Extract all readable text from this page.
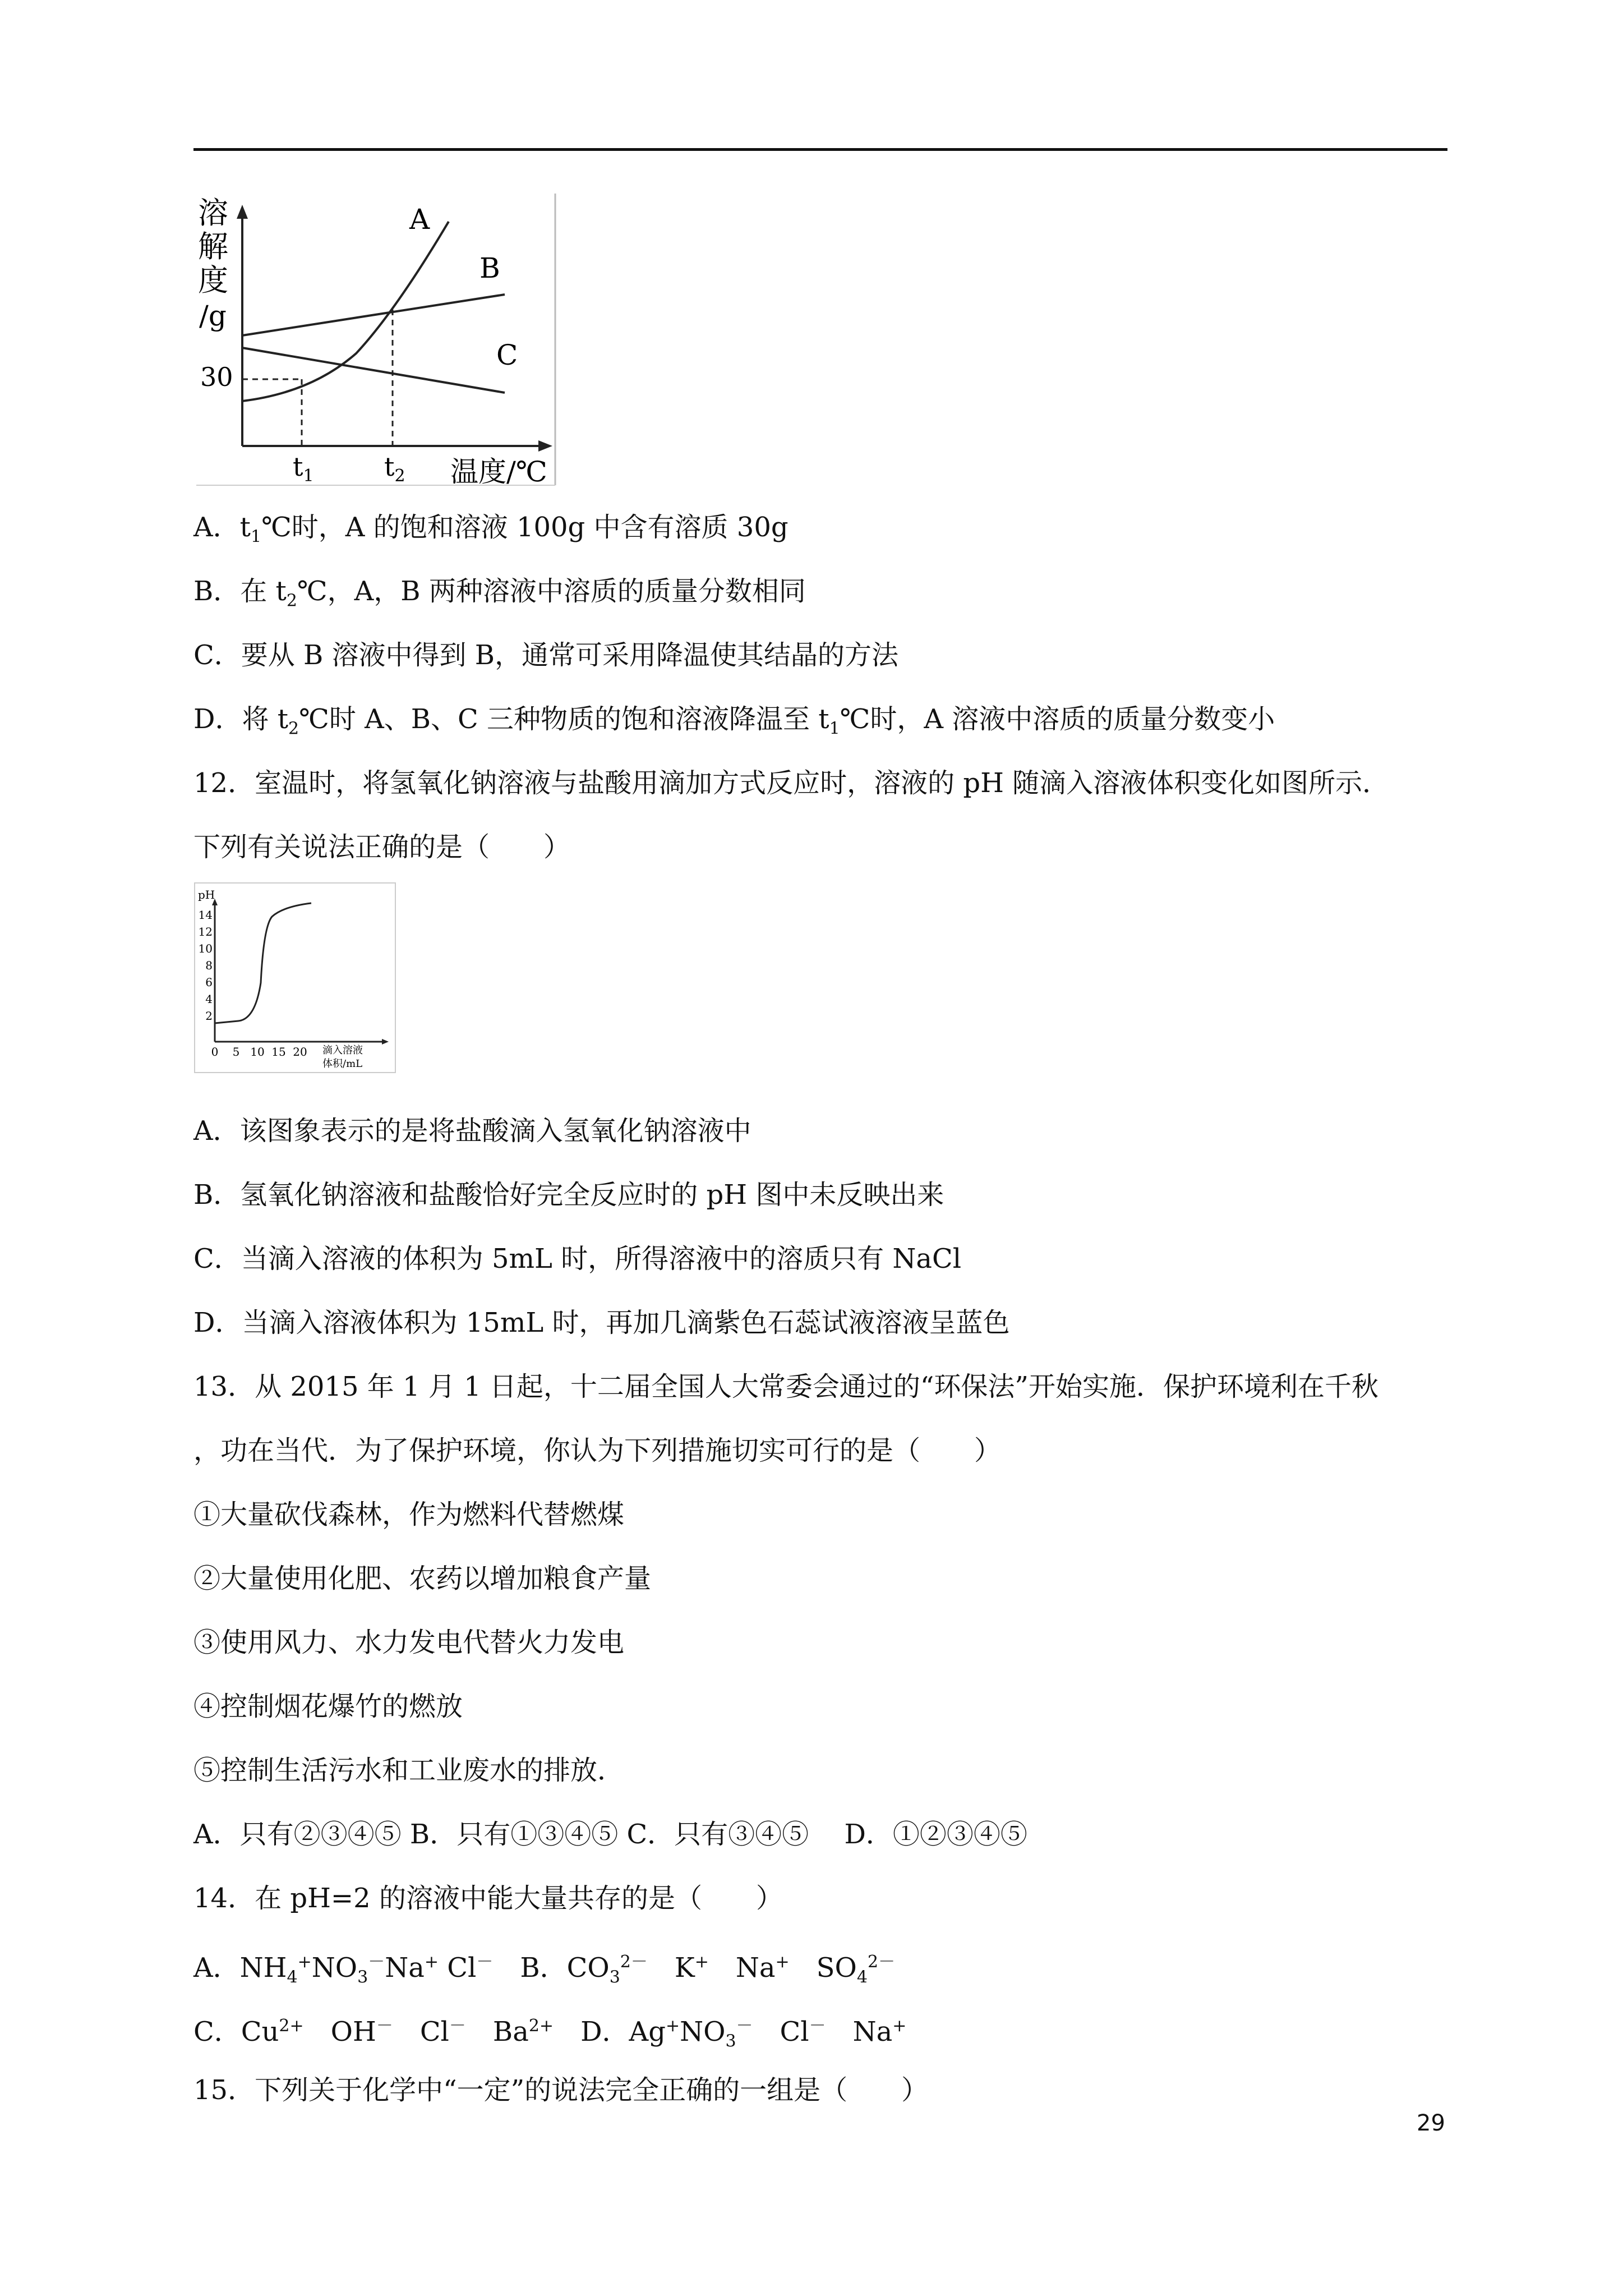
溶
解
度
/g
30
$t_1$	$t_2$ 温度/℃
A
B
C
A．$t_1℃$时，A 的饱和溶液 100g 中含有溶质 30g
B．在 $t_2℃$，A，B 两种溶液中溶质的质量分数相同
C．要从 B 溶液中得到 B，通常可采用降温使其结晶的方法
D．将 $t_2℃$时 A、B、C 三种物质的饱和溶液降温至 $t_1℃$时，A 溶液中溶质的质量分数变小
12．室温时，将氢氧化钠溶液与盐酸用滴加方式反应时，溶液的 pH 随滴入溶液体积变化如图所示．
下列有关说法正确的是（　　）
pH
14
12
10
8
6
4
2
0 5 10 15 20 滴入溶液
体积/mL
A．该图象表示的是将盐酸滴入氢氧化钠溶液中
B．氢氧化钠溶液和盐酸恰好完全反应时的 pH 图中未反映出来
C．当滴入溶液的体积为 5mL 时，所得溶液中的溶质只有 NaCl
D．当滴入溶液体积为 15mL 时，再加几滴紫色石蕊试液溶液呈蓝色
13．从 2015 年 1 月 1 日起，十二届全国人大常委会通过的“环保法”开始实施．保护环境利在千秋
，功在当代．为了保护环境，你认为下列措施切实可行的是（　　）
①大量砍伐森林，作为燃料代替燃煤
②大量使用化肥、农药以增加粮食产量
③使用风力、水力发电代替火力发电
④控制烟花爆竹的燃放
⑤控制生活污水和工业废水的排放．
A．只有②③④⑤ B．只有①③④⑤ C．只有③④⑤　 D．①②③④⑤
14．在 pH=2 的溶液中能大量共存的是（　　）
A．$NH_4^+NO_3^-Na^+$ Cl－　B．$CO_3^{2-}$　K+　Na+　$SO_4^{2-}$
C．$Cu^{2+}$　OH－　Cl－　$Ba^{2+}$　D．$Ag^+NO_3^-$　Cl－　Na+
15．下列关于化学中“一定”的说法完全正确的一组是（　　）
29
